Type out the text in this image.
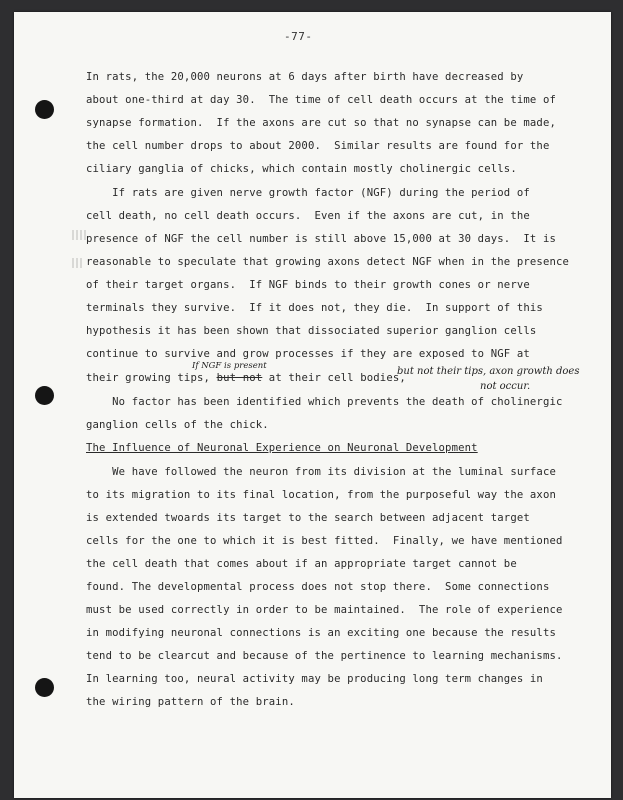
-77-
In rats, the 20,000 neurons at 6 days after birth have decreased by
about one-third at day 30.  The time of cell death occurs at the time of
synapse formation.  If the axons are cut so that no synapse can be made,
the cell number drops to about 2000.  Similar results are found for the
ciliary ganglia of chicks, which contain mostly cholinergic cells.
If rats are given nerve growth factor (NGF) during the period of
cell death, no cell death occurs.  Even if the axons are cut, in the
presence of NGF the cell number is still above 15,000 at 30 days.  It is
reasonable to speculate that growing axons detect NGF when in the presence
of their target organs.  If NGF binds to their growth cones or nerve
terminals they survive.  If it does not, they die.  In support of this
hypothesis it has been shown that dissociated superior ganglion cells
continue to survive and grow processes if they are exposed to NGF at
If NGF is present
their growing tips, but not at their cell bodies,
but not their tips, axon growth does
not occur.
No factor has been identified which prevents the death of cholinergic
ganglion cells of the chick.
The Influence of Neuronal Experience on Neuronal Development
We have followed the neuron from its division at the luminal surface
to its migration to its final location, from the purposeful way the axon
is extended twoards its target to the search between adjacent target
cells for the one to which it is best fitted.  Finally, we have mentioned
the cell death that comes about if an appropriate target cannot be
found. The developmental process does not stop there.  Some connections
must be used correctly in order to be maintained.  The role of experience
in modifying neuronal connections is an exciting one because the results
tend to be clearcut and because of the pertinence to learning mechanisms.
In learning too, neural activity may be producing long term changes in
the wiring pattern of the brain.
